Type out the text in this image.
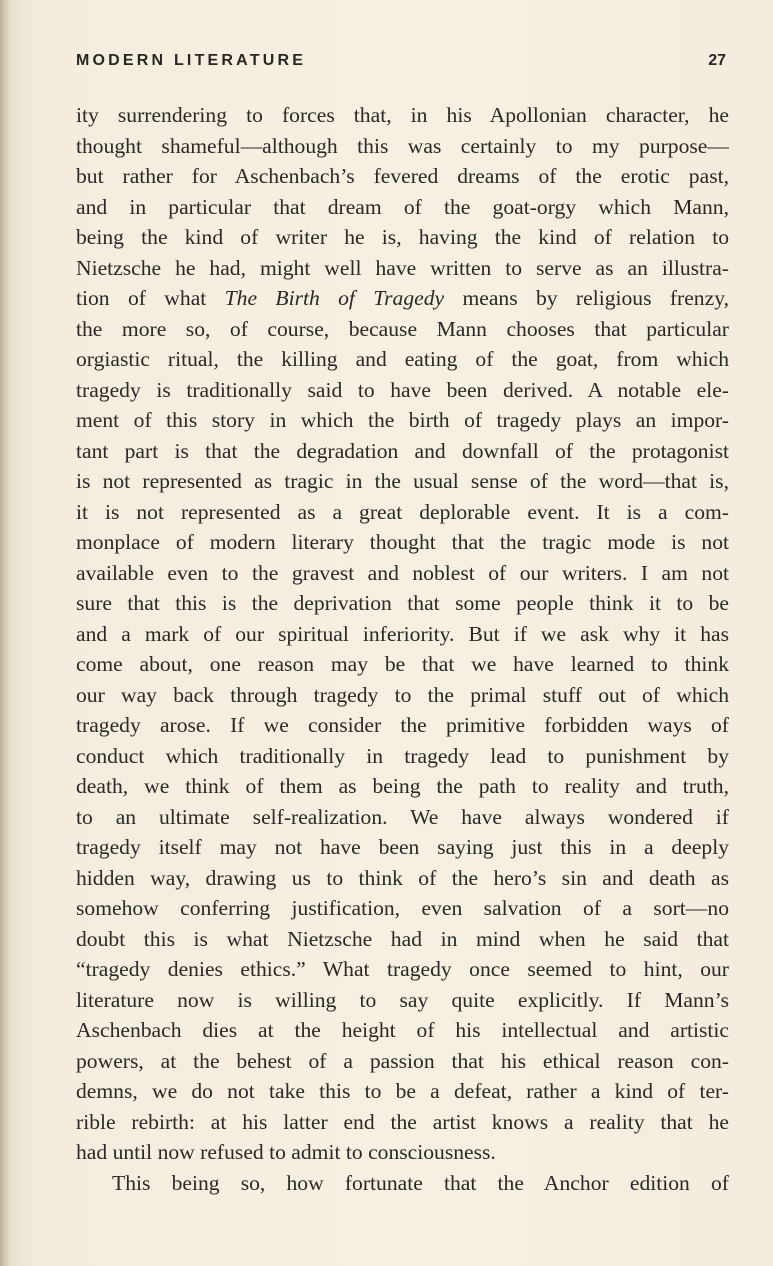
MODERN LITERATURE	27
ity surrendering to forces that, in his Apollonian character, he
thought shameful—although this was certainly to my purpose—
but rather for Aschenbach’s fevered dreams of the erotic past,
and in particular that dream of the goat-orgy which Mann,
being the kind of writer he is, having the kind of relation to
Nietzsche he had, might well have written to serve as an illustra-
tion of what The Birth of Tragedy means by religious frenzy,
the more so, of course, because Mann chooses that particular
orgiastic ritual, the killing and eating of the goat, from which
tragedy is traditionally said to have been derived. A notable ele-
ment of this story in which the birth of tragedy plays an impor-
tant part is that the degradation and downfall of the protagonist
is not represented as tragic in the usual sense of the word—that is,
it is not represented as a great deplorable event. It is a com-
monplace of modern literary thought that the tragic mode is not
available even to the gravest and noblest of our writers. I am not
sure that this is the deprivation that some people think it to be
and a mark of our spiritual inferiority. But if we ask why it has
come about, one reason may be that we have learned to think
our way back through tragedy to the primal stuff out of which
tragedy arose. If we consider the primitive forbidden ways of
conduct which traditionally in tragedy lead to punishment by
death, we think of them as being the path to reality and truth,
to an ultimate self-realization. We have always wondered if
tragedy itself may not have been saying just this in a deeply
hidden way, drawing us to think of the hero’s sin and death as
somehow conferring justification, even salvation of a sort—no
doubt this is what Nietzsche had in mind when he said that
“tragedy denies ethics.” What tragedy once seemed to hint, our
literature now is willing to say quite explicitly. If Mann’s
Aschenbach dies at the height of his intellectual and artistic
powers, at the behest of a passion that his ethical reason con-
demns, we do not take this to be a defeat, rather a kind of ter-
rible rebirth: at his latter end the artist knows a reality that he
had until now refused to admit to consciousness.
This being so, how fortunate that the Anchor edition of
